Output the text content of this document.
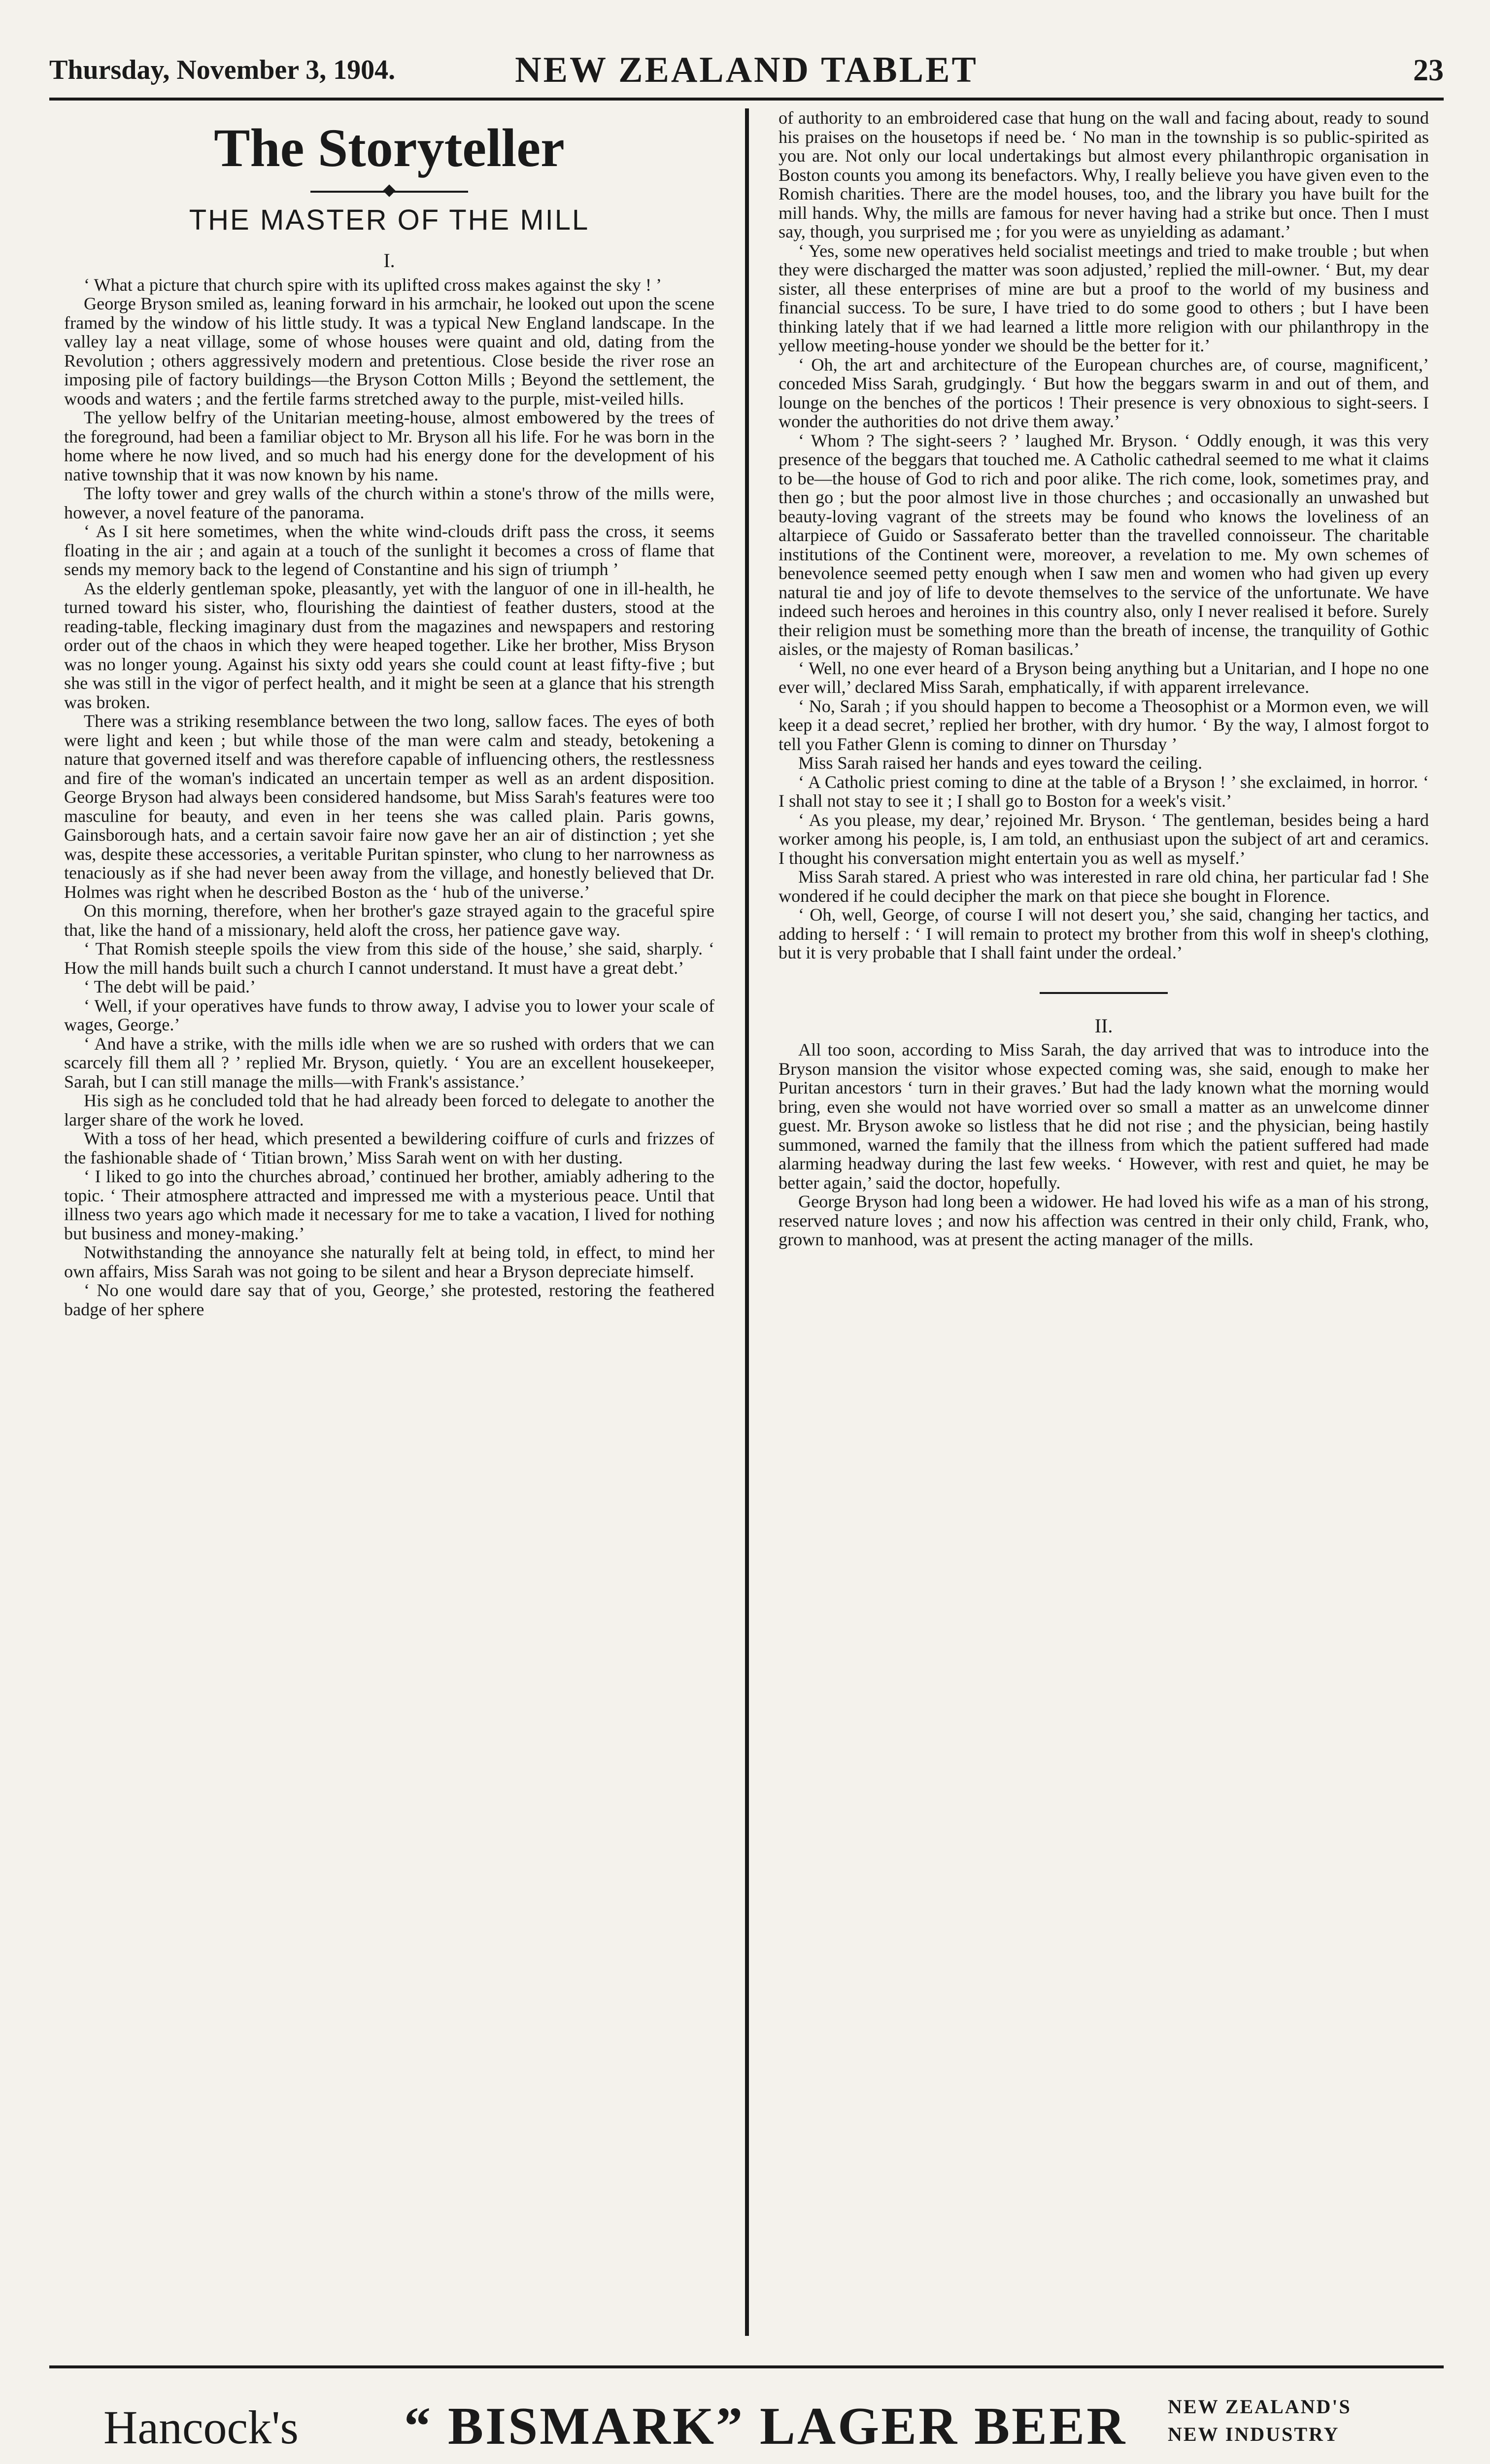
Thursday, November 3, 1904.	NEW ZEALAND TABLET	23
The Storyteller
THE MASTER OF THE MILL
I.

‘ What a picture that church spire with its uplifted cross makes against the sky ! ’

George Bryson smiled as, leaning forward in his armchair, he looked out upon the scene framed by the window of his little study. It was a typical New England landscape. In the valley lay a neat village, some of whose houses were quaint and old, dating from the Revolution ; others aggressively modern and pretentious. Close beside the river rose an imposing pile of factory buildings—the Bryson Cotton Mills ; Beyond the settlement, the woods and waters ; and the fertile farms stretched away to the purple, mist-veiled hills.

The yellow belfry of the Unitarian meeting-house, almost embowered by the trees of the foreground, had been a familiar object to Mr. Bryson all his life. For he was born in the home where he now lived, and so much had his energy done for the development of his native township that it was now known by his name.

The lofty tower and grey walls of the church within a stone's throw of the mills were, however, a novel feature of the panorama.

‘ As I sit here sometimes, when the white wind-clouds drift pass the cross, it seems floating in the air ; and again at a touch of the sunlight it becomes a cross of flame that sends my memory back to the legend of Constantine and his sign of triumph ’

As the elderly gentleman spoke, pleasantly, yet with the languor of one in ill-health, he turned toward his sister, who, flourishing the daintiest of feather dusters, stood at the reading-table, flecking imaginary dust from the magazines and newspapers and restoring order out of the chaos in which they were heaped together. Like her brother, Miss Bryson was no longer young. Against his sixty odd years she could count at least fifty-five ; but she was still in the vigor of perfect health, and it might be seen at a glance that his strength was broken.

There was a striking resemblance between the two long, sallow faces. The eyes of both were light and keen ; but while those of the man were calm and steady, betokening a nature that governed itself and was therefore capable of influencing others, the restlessness and fire of the woman's indicated an uncertain temper as well as an ardent disposition. George Bryson had always been considered handsome, but Miss Sarah's features were too masculine for beauty, and even in her teens she was called plain. Paris gowns, Gainsborough hats, and a certain savoir faire now gave her an air of distinction ; yet she was, despite these accessories, a veritable Puritan spinster, who clung to her narrowness as tenaciously as if she had never been away from the village, and honestly believed that Dr. Holmes was right when he described Boston as the ‘ hub of the universe.’

On this morning, therefore, when her brother's gaze strayed again to the graceful spire that, like the hand of a missionary, held aloft the cross, her patience gave way.

‘ That Romish steeple spoils the view from this side of the house,’ she said, sharply. ‘ How the mill hands built such a church I cannot understand. It must have a great debt.’

‘ The debt will be paid.’

‘ Well, if your operatives have funds to throw away, I advise you to lower your scale of wages, George.’

‘ And have a strike, with the mills idle when we are so rushed with orders that we can scarcely fill them all ? ’ replied Mr. Bryson, quietly. ‘ You are an excellent housekeeper, Sarah, but I can still manage the mills—with Frank's assistance.’

His sigh as he concluded told that he had already been forced to delegate to another the larger share of the work he loved.

With a toss of her head, which presented a bewildering coiffure of curls and frizzes of the fashionable shade of ‘ Titian brown,’ Miss Sarah went on with her dusting.

‘ I liked to go into the churches abroad,’ continued her brother, amiably adhering to the topic. ‘ Their atmosphere attracted and impressed me with a mysterious peace. Until that illness two years ago which made it necessary for me to take a vacation, I lived for nothing but business and money-making.’

Notwithstanding the annoyance she naturally felt at being told, in effect, to mind her own affairs, Miss Sarah was not going to be silent and hear a Bryson depreciate himself.

‘ No one would dare say that of you, George,’ she protested, restoring the feathered badge of her sphere

of authority to an embroidered case that hung on the wall and facing about, ready to sound his praises on the housetops if need be. ‘ No man in the township is so public-spirited as you are. Not only our local undertakings but almost every philanthropic organisation in Boston counts you among its benefactors. Why, I really believe you have given even to the Romish charities. There are the model houses, too, and the library you have built for the mill hands. Why, the mills are famous for never having had a strike but once. Then I must say, though, you surprised me ; for you were as unyielding as adamant.’

‘ Yes, some new operatives held socialist meetings and tried to make trouble ; but when they were discharged the matter was soon adjusted,’ replied the mill-owner. ‘ But, my dear sister, all these enterprises of mine are but a proof to the world of my business and financial success. To be sure, I have tried to do some good to others ; but I have been thinking lately that if we had learned a little more religion with our philanthropy in the yellow meeting-house yonder we should be the better for it.’

‘ Oh, the art and architecture of the European churches are, of course, magnificent,’ conceded Miss Sarah, grudgingly. ‘ But how the beggars swarm in and out of them, and lounge on the benches of the porticos ! Their presence is very obnoxious to sight-seers. I wonder the authorities do not drive them away.’

‘ Whom ? The sight-seers ? ’ laughed Mr. Bryson. ‘ Oddly enough, it was this very presence of the beggars that touched me. A Catholic cathedral seemed to me what it claims to be—the house of God to rich and poor alike. The rich come, look, sometimes pray, and then go ; but the poor almost live in those churches ; and occasionally an unwashed but beauty-loving vagrant of the streets may be found who knows the loveliness of an altarpiece of Guido or Sassaferato better than the travelled connoisseur. The charitable institutions of the Continent were, moreover, a revelation to me. My own schemes of benevolence seemed petty enough when I saw men and women who had given up every natural tie and joy of life to devote themselves to the service of the unfortunate. We have indeed such heroes and heroines in this country also, only I never realised it before. Surely their religion must be something more than the breath of incense, the tranquility of Gothic aisles, or the majesty of Roman basilicas.’

‘ Well, no one ever heard of a Bryson being anything but a Unitarian, and I hope no one ever will,’ declared Miss Sarah, emphatically, if with apparent irrelevance.

‘ No, Sarah ; if you should happen to become a Theosophist or a Mormon even, we will keep it a dead secret,’ replied her brother, with dry humor. ‘ By the way, I almost forgot to tell you Father Glenn is coming to dinner on Thursday ’

Miss Sarah raised her hands and eyes toward the ceiling.

‘ A Catholic priest coming to dine at the table of a Bryson ! ’ she exclaimed, in horror. ‘ I shall not stay to see it ; I shall go to Boston for a week's visit.’

‘ As you please, my dear,’ rejoined Mr. Bryson. ‘ The gentleman, besides being a hard worker among his people, is, I am told, an enthusiast upon the subject of art and ceramics. I thought his conversation might entertain you as well as myself.’

Miss Sarah stared. A priest who was interested in rare old china, her particular fad ! She wondered if he could decipher the mark on that piece she bought in Florence.

‘ Oh, well, George, of course I will not desert you,’ she said, changing her tactics, and adding to herself : ‘ I will remain to protect my brother from this wolf in sheep's clothing, but it is very probable that I shall faint under the ordeal.’

II.

All too soon, according to Miss Sarah, the day arrived that was to introduce into the Bryson mansion the visitor whose expected coming was, she said, enough to make her Puritan ancestors ‘ turn in their graves.’ But had the lady known what the morning would bring, even she would not have worried over so small a matter as an unwelcome dinner guest. Mr. Bryson awoke so listless that he did not rise ; and the physician, being hastily summoned, warned the family that the illness from which the patient suffered had made alarming headway during the last few weeks. ‘ However, with rest and quiet, he may be better again,’ said the doctor, hopefully.

George Bryson had long been a widower. He had loved his wife as a man of his strong, reserved nature loves ; and now his affection was centred in their only child, Frank, who, grown to manhood, was at present the acting manager of the mills.

Hancock's “ BISMARK” LAGER BEER NEW ZEALAND'S
NEW INDUSTRY
